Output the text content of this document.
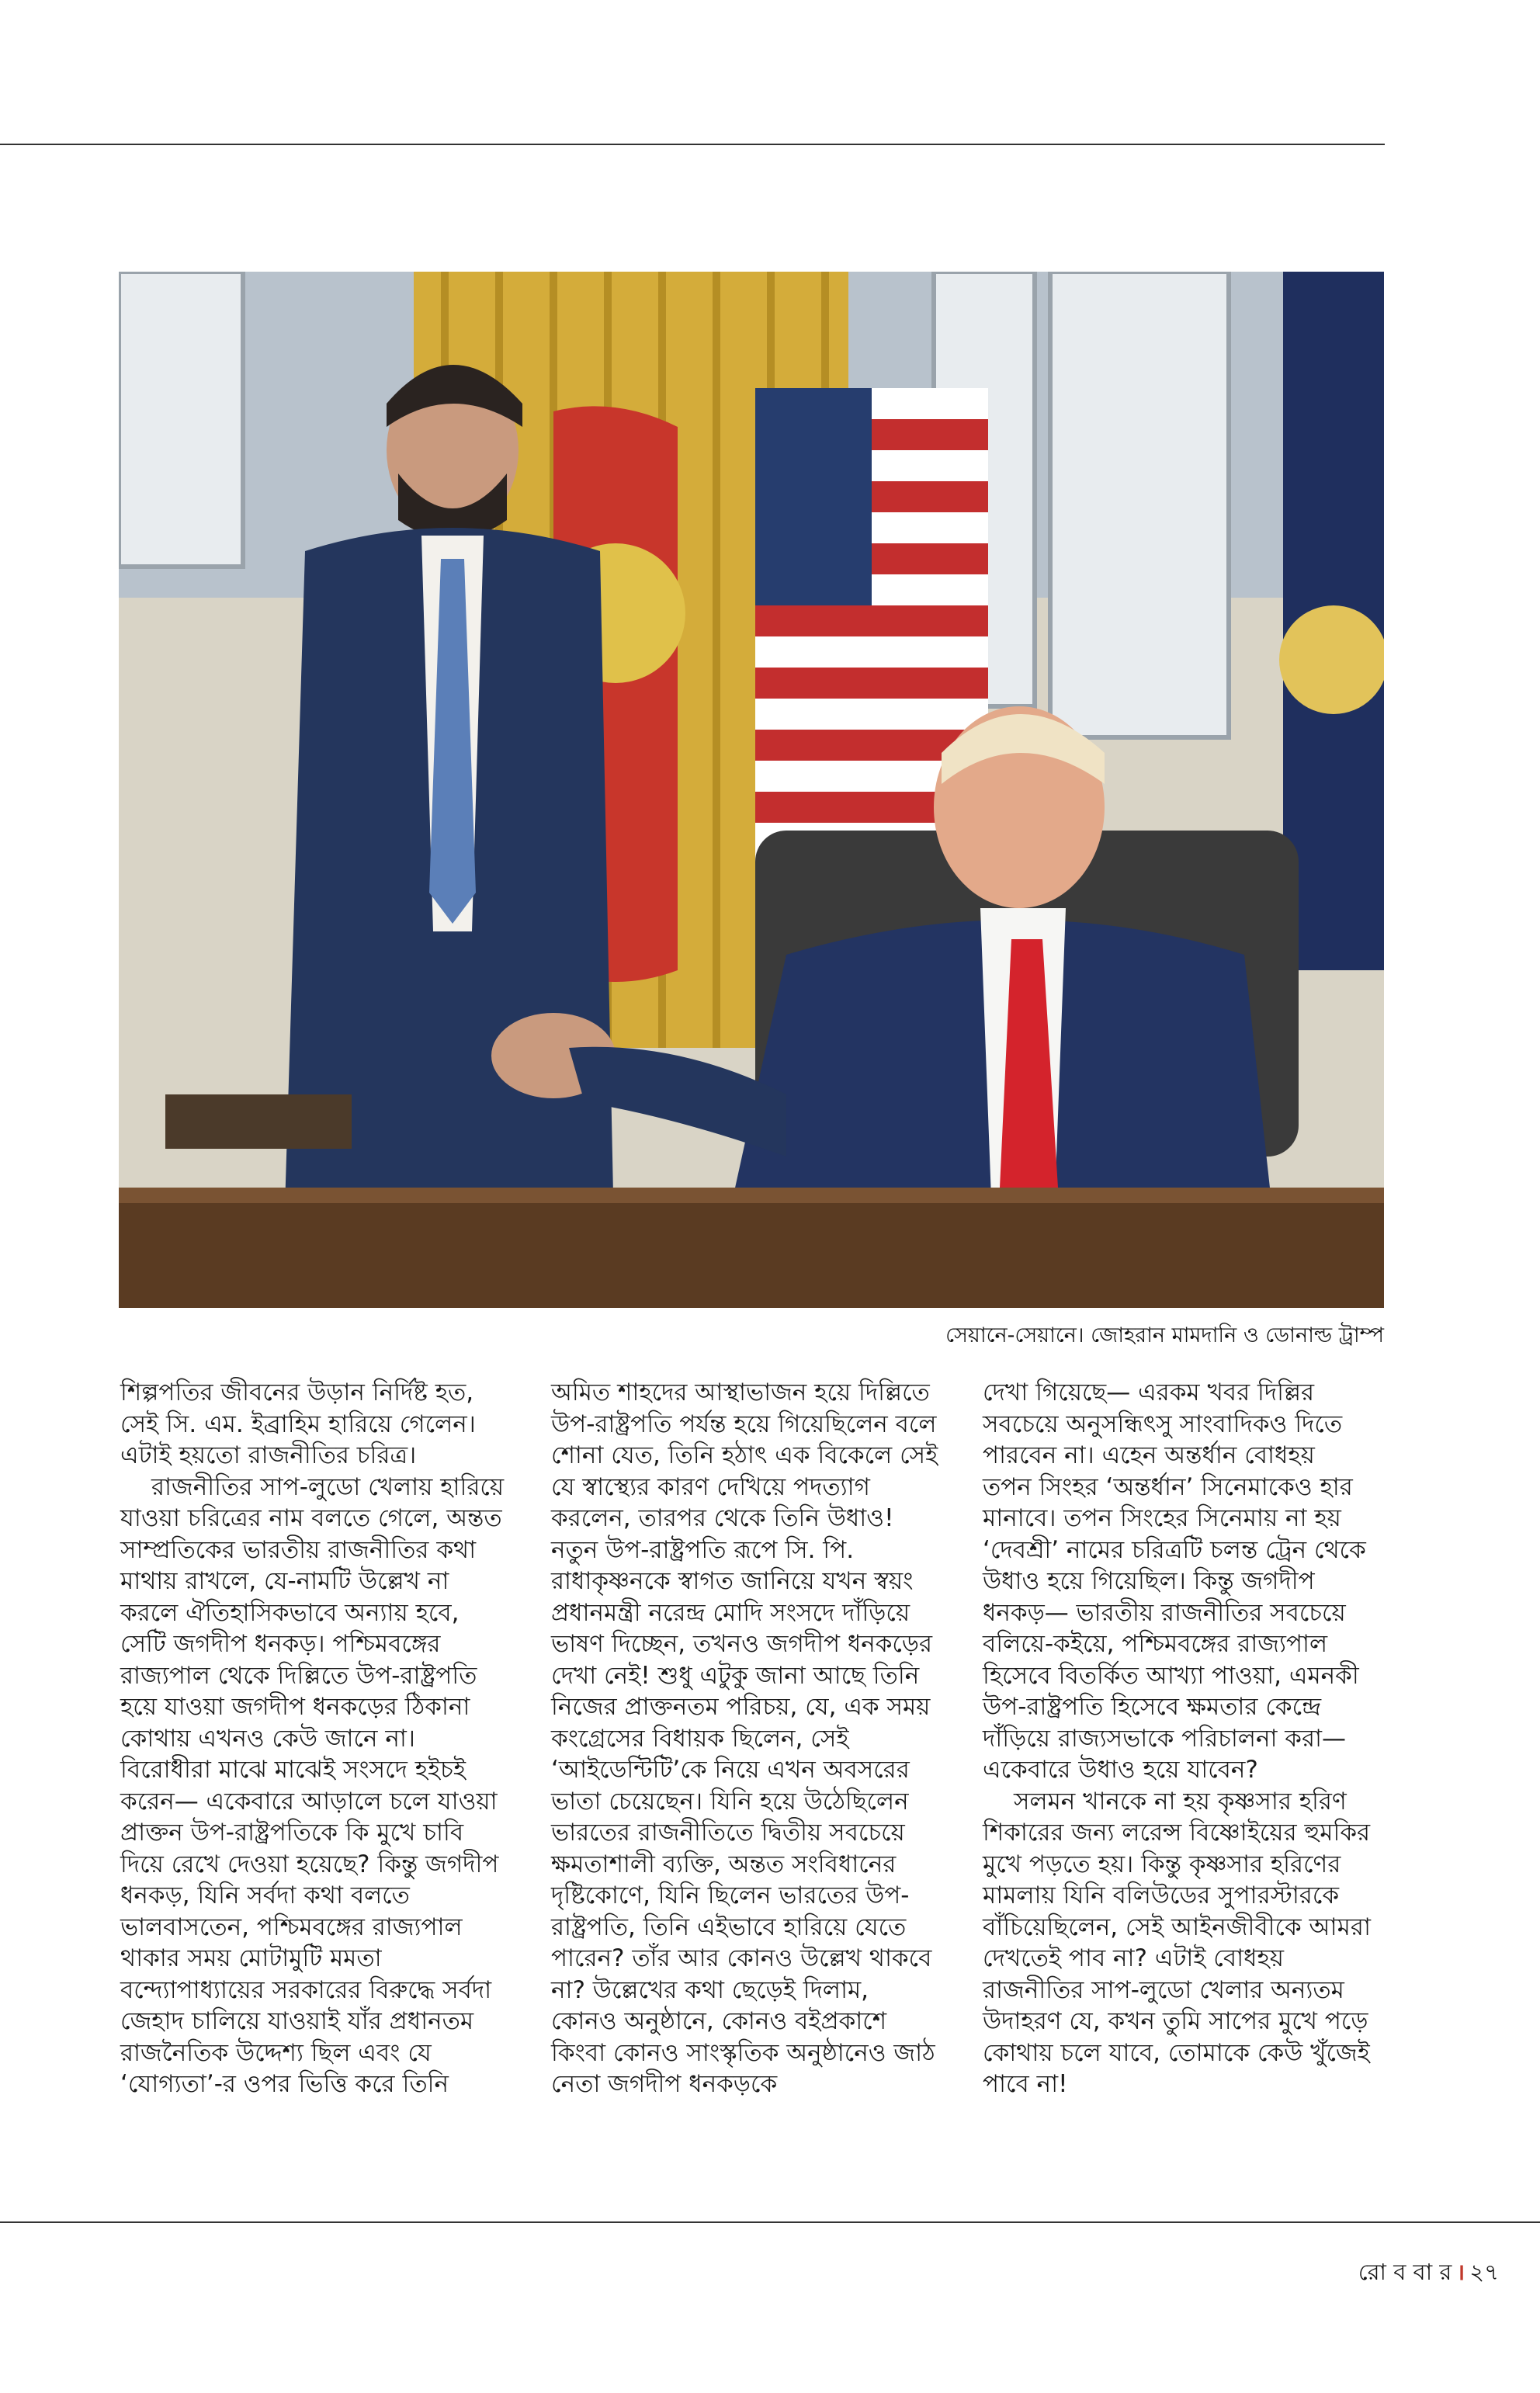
সেয়ানে-সেয়ানে। জোহরান মামদানি ও ডোনাল্ড ট্রাম্প

শিল্পপতির জীবনের উড়ান নির্দিষ্ট হত, সেই সি. এম. ইব্রাহিম হারিয়ে গেলেন। এটাই হয়তো রাজনীতির চরিত্র।

রাজনীতির সাপ-লুডো খেলায় হারিয়ে যাওয়া চরিত্রের নাম বলতে গেলে, অন্তত সাম্প্রতিকের ভারতীয় রাজনীতির কথা মাথায় রাখলে, যে-নামটি উল্লেখ না করলে ঐতিহাসিকভাবে অন্যায় হবে, সেটি জগদীপ ধনকড়। পশ্চিমবঙ্গের রাজ্যপাল থেকে দিল্লিতে উপ-রাষ্ট্রপতি হয়ে যাওয়া জগদীপ ধনকড়ের ঠিকানা কোথায় এখনও কেউ জানে না। বিরোধীরা মাঝে মাঝেই সংসদে হইচই করেন— একেবারে আড়ালে চলে যাওয়া প্রাক্তন উপ-রাষ্ট্রপতিকে কি মুখে চাবি দিয়ে রেখে দেওয়া হয়েছে? কিন্তু জগদীপ ধনকড়, যিনি সর্বদা কথা বলতে ভালবাসতেন, পশ্চিমবঙ্গের রাজ্যপাল থাকার সময় মোটামুটি মমতা বন্দ্যোপাধ্যায়ের সরকারের বিরুদ্ধে সর্বদা জেহাদ চালিয়ে যাওয়াই যাঁর প্রধানতম রাজনৈতিক উদ্দেশ্য ছিল এবং যে ‘যোগ্যতা’-র ওপর ভিত্তি করে তিনি

অমিত শাহদের আস্থাভাজন হয়ে দিল্লিতে উপ-রাষ্ট্রপতি পর্যন্ত হয়ে গিয়েছিলেন বলে শোনা যেত, তিনি হঠাৎ এক বিকেলে সেই যে স্বাস্থ্যের কারণ দেখিয়ে পদত্যাগ করলেন, তারপর থেকে তিনি উধাও! নতুন উপ-রাষ্ট্রপতি রূপে সি. পি. রাধাকৃষ্ণনকে স্বাগত জানিয়ে যখন স্বয়ং প্রধানমন্ত্রী নরেন্দ্র মোদি সংসদে দাঁড়িয়ে ভাষণ দিচ্ছেন, তখনও জগদীপ ধনকড়ের দেখা নেই! শুধু এটুকু জানা আছে তিনি নিজের প্রাক্তনতম পরিচয়, যে, এক সময় কংগ্রেসের বিধায়ক ছিলেন, সেই ‘আইডেন্টিটি’কে নিয়ে এখন অবসরের ভাতা চেয়েছেন। যিনি হয়ে উঠেছিলেন ভারতের রাজনীতিতে দ্বিতীয় সবচেয়ে ক্ষমতাশালী ব্যক্তি, অন্তত সংবিধানের দৃষ্টিকোণে, যিনি ছিলেন ভারতের উপ-রাষ্ট্রপতি, তিনি এইভাবে হারিয়ে যেতে পারেন? তাঁর আর কোনও উল্লেখ থাকবে না? উল্লেখের কথা ছেড়েই দিলাম, কোনও অনুষ্ঠানে, কোনও বইপ্রকাশে কিংবা কোনও সাংস্কৃতিক অনুষ্ঠানেও জাঠ নেতা জগদীপ ধনকড়কে

দেখা গিয়েছে— এরকম খবর দিল্লির সবচেয়ে অনুসন্ধিৎসু সাংবাদিকও দিতে পারবেন না। এহেন অন্তর্ধান বোধহয় তপন সিংহর ‘অন্তর্ধান’ সিনেমাকেও হার মানাবে। তপন সিংহের সিনেমায় না হয় ‘দেবশ্রী’ নামের চরিত্রটি চলন্ত ট্রেন থেকে উধাও হয়ে গিয়েছিল। কিন্তু জগদীপ ধনকড়— ভারতীয় রাজনীতির সবচেয়ে বলিয়ে-কইয়ে, পশ্চিমবঙ্গের রাজ্যপাল হিসেবে বিতর্কিত আখ্যা পাওয়া, এমনকী উপ-রাষ্ট্রপতি হিসেবে ক্ষমতার কেন্দ্রে দাঁড়িয়ে রাজ্যসভাকে পরিচালনা করা— একেবারে উধাও হয়ে যাবেন?

সলমন খানকে না হয় কৃষ্ণসার হরিণ শিকারের জন্য লরেন্স বিষ্ণোইয়ের হুমকির মুখে পড়তে হয়। কিন্তু কৃষ্ণসার হরিণের মামলায় যিনি বলিউডের সুপারস্টারকে বাঁচিয়েছিলেন, সেই আইনজীবীকে আমরা দেখতেই পাব না? এটাই বোধহয় রাজনীতির সাপ-লুডো খেলার অন্যতম উদাহরণ যে, কখন তুমি সাপের মুখে পড়ে কোথায় চলে যাবে, তোমাকে কেউ খুঁজেই পাবে না!

রো ব বা র । ২৭
